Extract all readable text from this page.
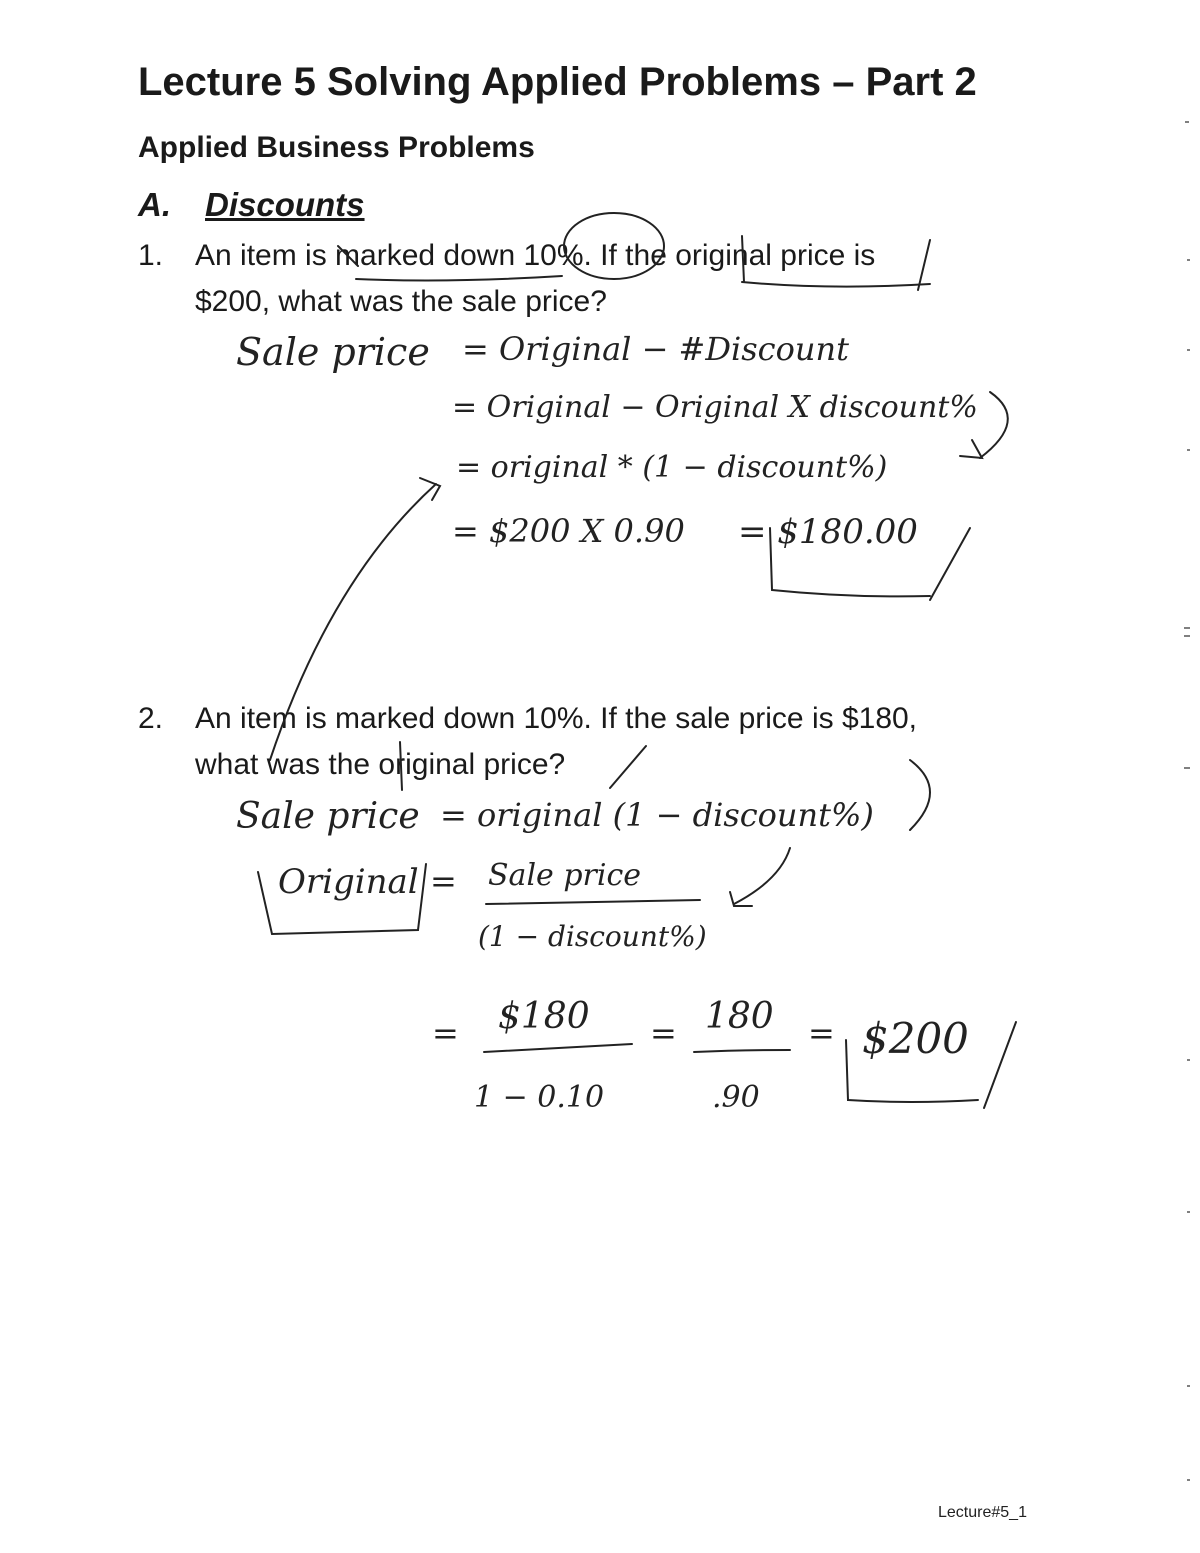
Lecture 5 Solving Applied Problems – Part 2
Applied Business Problems
A. Discounts
1. An item is marked down 10%. If the original price is
$200, what was the sale price?
Sale price = Original − #Discount
= Original − Original X discount%
= original * (1 − discount%)
= $200 X 0.90 = $180.00
2. An item is marked down 10%. If the sale price is $180,
what was the original price?
Sale price = original (1 − discount%)
Original = Sale price
(1 − discount%)
= $180
1 − 0.10
= 180
.90
= $200
Lecture#5_1
